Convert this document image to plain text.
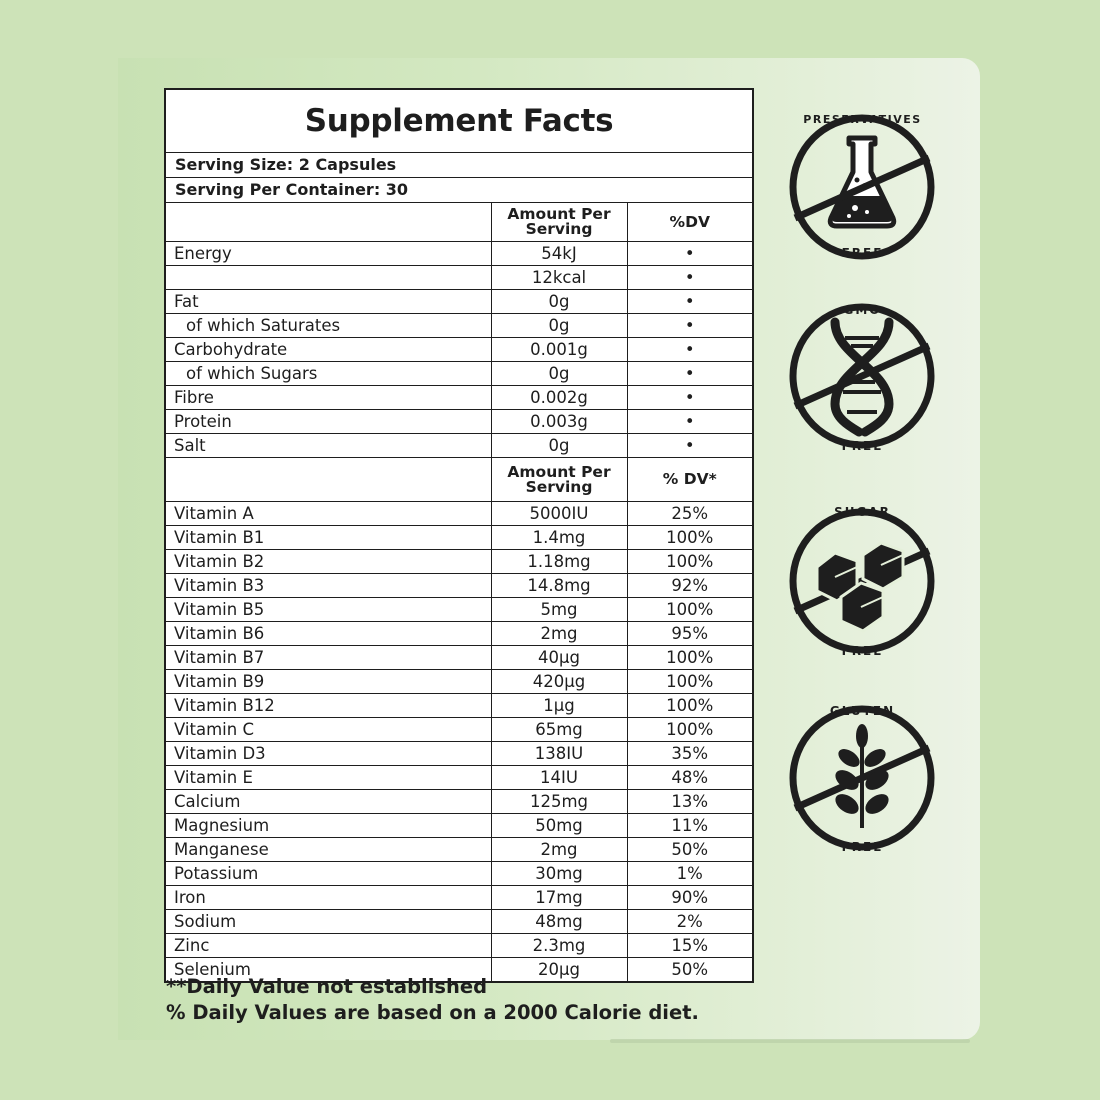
Supplement Facts
Serving Size: 2 Capsules
Serving Per Container: 30
	Amount Per Serving	%DV
Energy	54kJ	•
	12kcal	•
Fat	0g	•
of which Saturates	0g	•
Carbohydrate	0.001g	•
of which Sugars	0g	•
Fibre	0.002g	•
Protein	0.003g	•
Salt	0g	•
	Amount Per Serving	% DV*
Vitamin A	5000IU	25%
Vitamin B1	1.4mg	100%
Vitamin B2	1.18mg	100%
Vitamin B3	14.8mg	92%
Vitamin B5	5mg	100%
Vitamin B6	2mg	95%
Vitamin B7	40µg	100%
Vitamin B9	420µg	100%
Vitamin B12	1µg	100%
Vitamin C	65mg	100%
Vitamin D3	138IU	35%
Vitamin E	14IU	48%
Calcium	125mg	13%
Magnesium	50mg	11%
Manganese	2mg	50%
Potassium	30mg	1%
Iron	17mg	90%
Sodium	48mg	2%
Zinc	2.3mg	15%
Selenium	20µg	50%
**Daily Value not established
% Daily Values are based on a 2000 Calorie diet.
PRESERVATIVES
FREE
GMO
FREE
SUGAR
FREE
GLUTEN
FREE
